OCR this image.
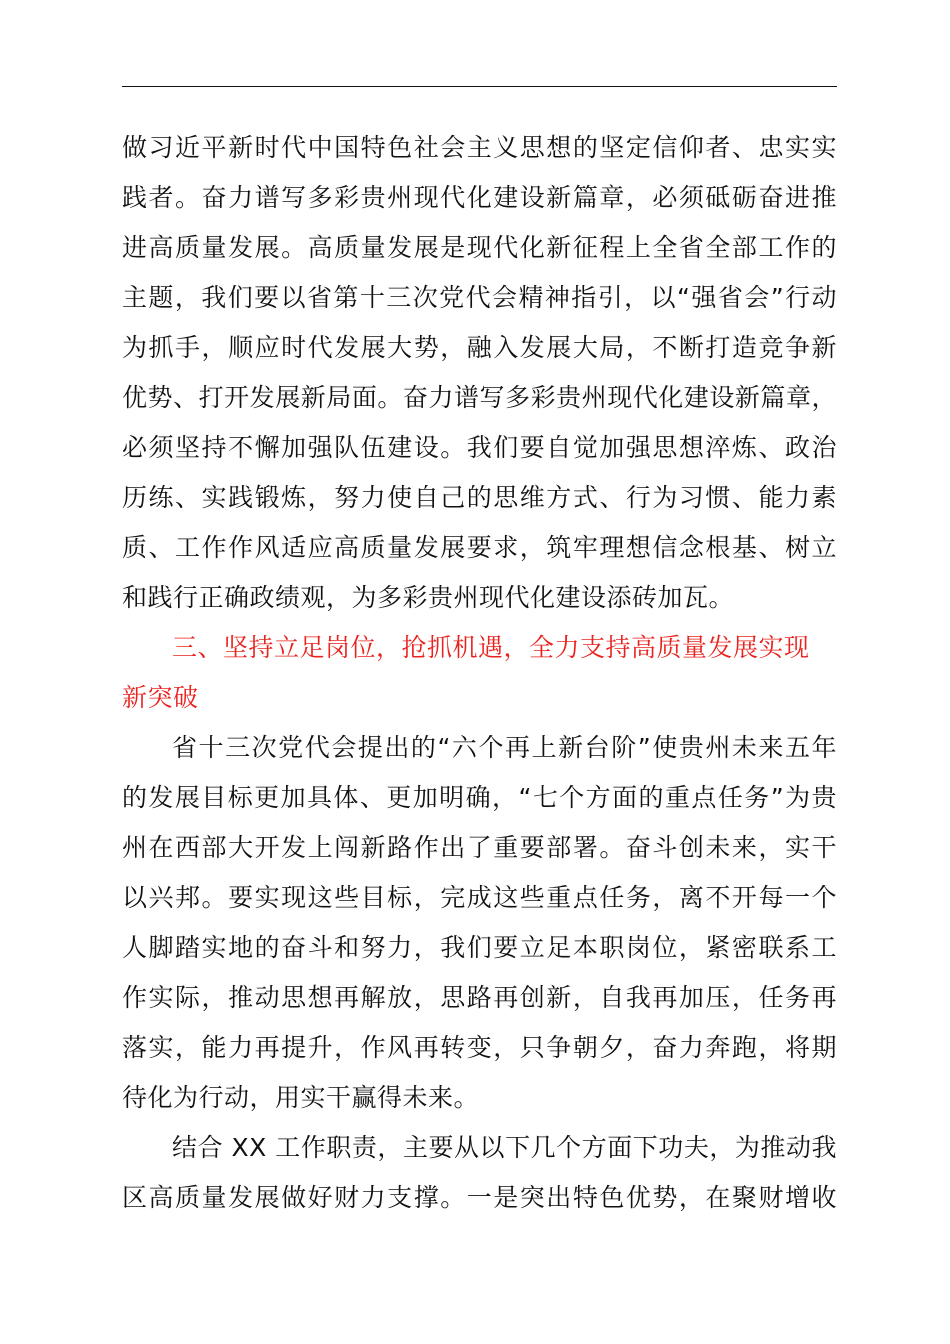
做习近平新时代中国特色社会主义思想的坚定信仰者、忠实实
践者。奋力谱写多彩贵州现代化建设新篇章，必须砥砺奋进推
进高质量发展。高质量发展是现代化新征程上全省全部工作的
主题，我们要以省第十三次党代会精神指引，以“强省会”行动
为抓手，顺应时代发展大势，融入发展大局，不断打造竞争新
优势、打开发展新局面。奋力谱写多彩贵州现代化建设新篇章，
必须坚持不懈加强队伍建设。我们要自觉加强思想淬炼、政治
历练、实践锻炼，努力使自己的思维方式、行为习惯、能力素
质、工作作风适应高质量发展要求，筑牢理想信念根基、树立
和践行正确政绩观，为多彩贵州现代化建设添砖加瓦。
三、坚持立足岗位，抢抓机遇，全力支持高质量发展实现
新突破
省十三次党代会提出的“六个再上新台阶”使贵州未来五年
的发展目标更加具体、更加明确，“七个方面的重点任务”为贵
州在西部大开发上闯新路作出了重要部署。奋斗创未来，实干
以兴邦。要实现这些目标，完成这些重点任务，离不开每一个
人脚踏实地的奋斗和努力，我们要立足本职岗位，紧密联系工
作实际，推动思想再解放，思路再创新，自我再加压，任务再
落实，能力再提升，作风再转变，只争朝夕，奋力奔跑，将期
待化为行动，用实干赢得未来。
结合 XX 工作职责，主要从以下几个方面下功夫，为推动我
区高质量发展做好财力支撑。一是突出特色优势，在聚财增收
